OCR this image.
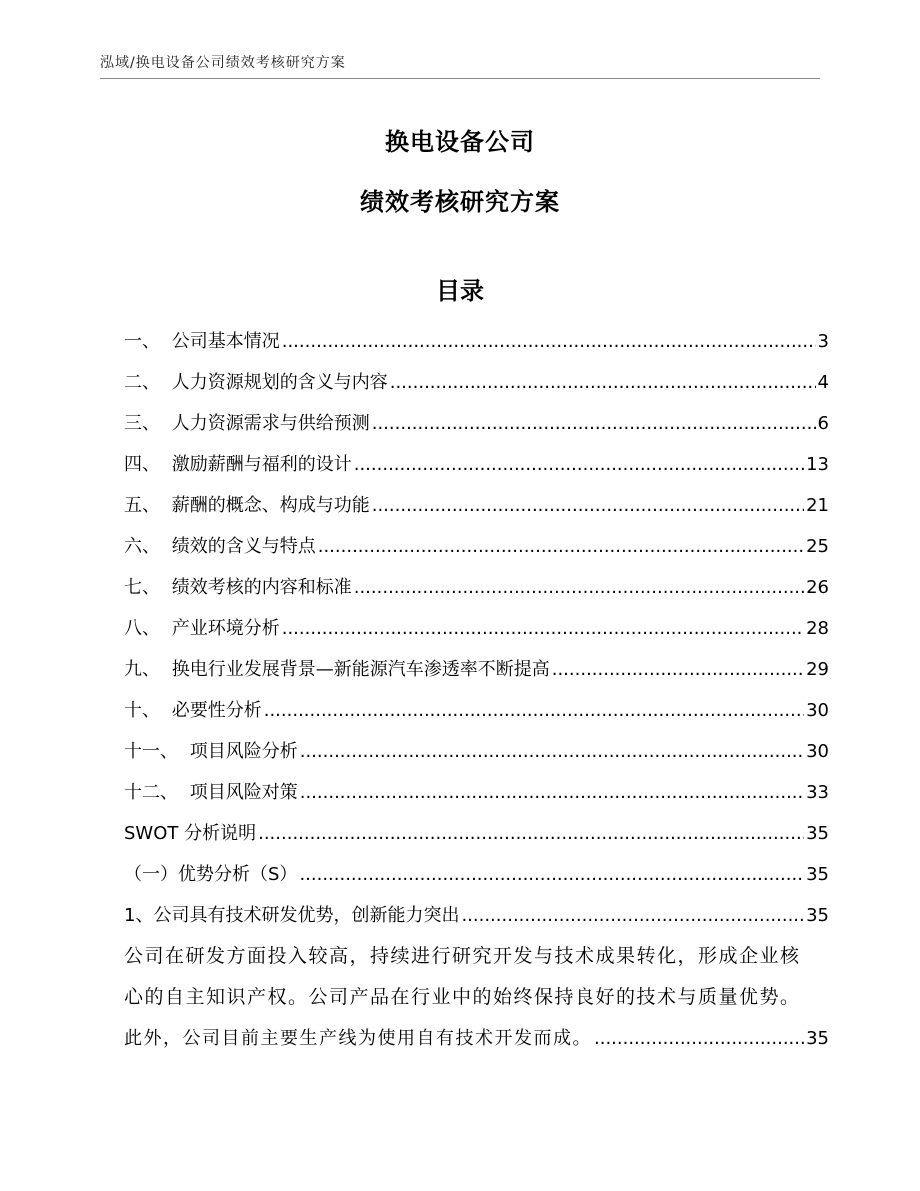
泓域/换电设备公司绩效考核研究方案
换电设备公司
绩效考核研究方案
目录
一、 公司基本情况 .....	3
二、 人力资源规划的含义与内容 .....	4
三、 人力资源需求与供给预测 .....	6
四、 激励薪酬与福利的设计 .....	13
五、 薪酬的概念、构成与功能 .....	21
六、 绩效的含义与特点 .....	25
七、 绩效考核的内容和标准 .....	26
八、 产业环境分析 .....	28
九、 换电行业发展背景—新能源汽车渗透率不断提高 .....	29
十、 必要性分析 .....	30
十一、 项目风险分析 .....	30
十二、 项目风险对策 .....	33
SWOT 分析说明 .....	35
（一）优势分析（S） .....	35
1、公司具有技术研发优势，创新能力突出 .....	35
公司在研发方面投入较高，持续进行研究开发与技术成果转化，形成企业核
心的自主知识产权。公司产品在行业中的始终保持良好的技术与质量优势。
此外，公司目前主要生产线为使用自有技术开发而成。 .....	35
